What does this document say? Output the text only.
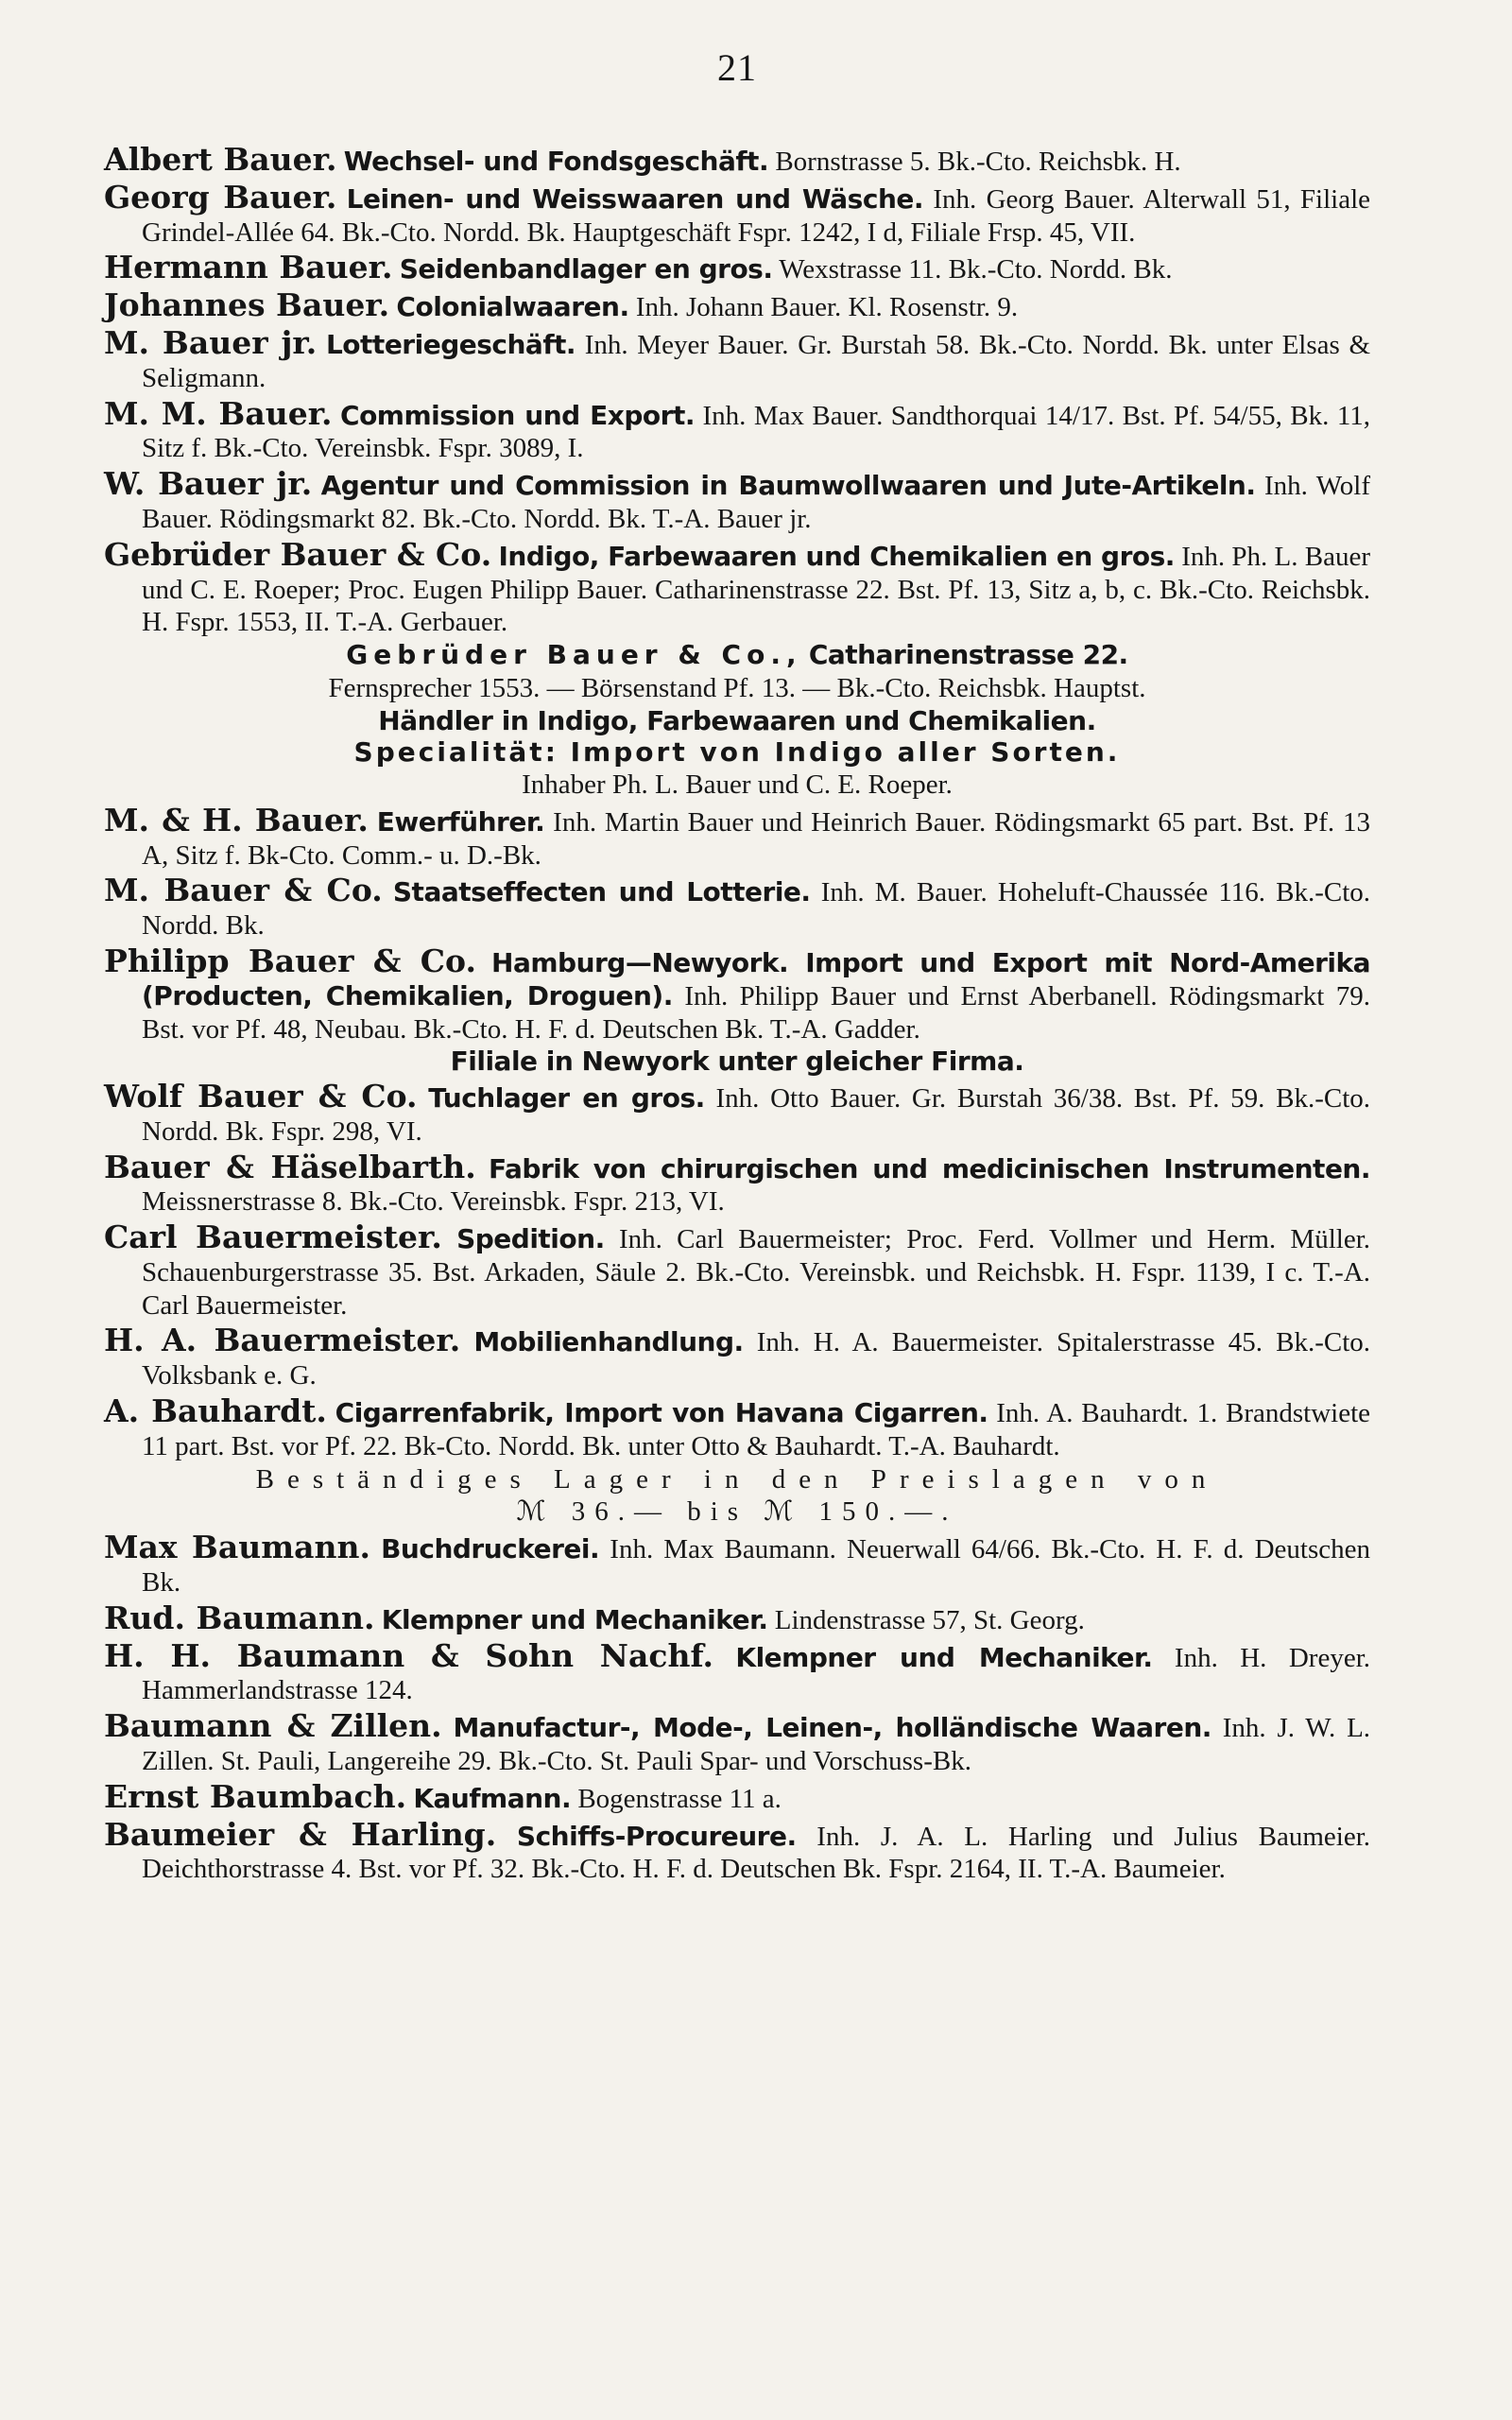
21

Albert Bauer. Wechsel- und Fondsgeschäft. Bornstrasse 5. Bk.-Cto. Reichsbk. H.

Georg Bauer. Leinen- und Weisswaaren und Wäsche. Inh. Georg Bauer. Alterwall 51, Filiale Grindel-Allée 64. Bk.-Cto. Nordd. Bk. Hauptgeschäft Fspr. 1242, I d, Filiale Frsp. 45, VII.

Hermann Bauer. Seidenbandlager en gros. Wexstrasse 11. Bk.-Cto. Nordd. Bk.

Johannes Bauer. Colonialwaaren. Inh. Johann Bauer. Kl. Rosenstr. 9.

M. Bauer jr. Lotteriegeschäft. Inh. Meyer Bauer. Gr. Burstah 58. Bk.-Cto. Nordd. Bk. unter Elsas & Seligmann.

M. M. Bauer. Commission und Export. Inh. Max Bauer. Sandthorquai 14/17. Bst. Pf. 54/55, Bk. 11, Sitz f. Bk.-Cto. Vereinsbk. Fspr. 3089, I.

W. Bauer jr. Agentur und Commission in Baumwollwaaren und Jute-Artikeln. Inh. Wolf Bauer. Rödingsmarkt 82. Bk.-Cto. Nordd. Bk. T.-A. Bauer jr.

Gebrüder Bauer & Co. Indigo, Farbewaaren und Chemikalien en gros. Inh. Ph. L. Bauer und C. E. Roeper; Proc. Eugen Philipp Bauer. Catharinenstrasse 22. Bst. Pf. 13, Sitz a, b, c. Bk.-Cto. Reichsbk. H. Fspr. 1553, II. T.-A. Gerbauer.

Gebrüder Bauer & Co., Catharinenstrasse 22.

Fernsprecher 1553. — Börsenstand Pf. 13. — Bk.-Cto. Reichsbk. Hauptst.

Händler in Indigo, Farbewaaren und Chemikalien.

Specialität: Import von Indigo aller Sorten.

Inhaber Ph. L. Bauer und C. E. Roeper.

M. & H. Bauer. Ewerführer. Inh. Martin Bauer und Heinrich Bauer. Rödingsmarkt 65 part. Bst. Pf. 13 A, Sitz f. Bk-Cto. Comm.- u. D.-Bk.

M. Bauer & Co. Staatseffecten und Lotterie. Inh. M. Bauer. Hoheluft-Chaussée 116. Bk.-Cto. Nordd. Bk.

Philipp Bauer & Co. Hamburg—Newyork. Import und Export mit Nord-Amerika (Producten, Chemikalien, Droguen). Inh. Philipp Bauer und Ernst Aberbanell. Rödingsmarkt 79. Bst. vor Pf. 48, Neubau. Bk.-Cto. H. F. d. Deutschen Bk. T.-A. Gadder.

Filiale in Newyork unter gleicher Firma.

Wolf Bauer & Co. Tuchlager en gros. Inh. Otto Bauer. Gr. Burstah 36/38. Bst. Pf. 59. Bk.-Cto. Nordd. Bk. Fspr. 298, VI.

Bauer & Häselbarth. Fabrik von chirurgischen und medicinischen Instrumenten. Meissnerstrasse 8. Bk.-Cto. Vereinsbk. Fspr. 213, VI.

Carl Bauermeister. Spedition. Inh. Carl Bauermeister; Proc. Ferd. Vollmer und Herm. Müller. Schauenburgerstrasse 35. Bst. Arkaden, Säule 2. Bk.-Cto. Vereinsbk. und Reichsbk. H. Fspr. 1139, I c. T.-A. Carl Bauermeister.

H. A. Bauermeister. Mobilienhandlung. Inh. H. A. Bauermeister. Spitalerstrasse 45. Bk.-Cto. Volksbank e. G.

A. Bauhardt. Cigarrenfabrik, Import von Havana Cigarren. Inh. A. Bauhardt. 1. Brandstwiete 11 part. Bst. vor Pf. 22. Bk-Cto. Nordd. Bk. unter Otto & Bauhardt. T.-A. Bauhardt.

Beständiges Lager in den Preislagen von

ℳ 36.— bis ℳ 150.—.

Max Baumann. Buchdruckerei. Inh. Max Baumann. Neuerwall 64/66. Bk.-Cto. H. F. d. Deutschen Bk.

Rud. Baumann. Klempner und Mechaniker. Lindenstrasse 57, St. Georg.

H. H. Baumann & Sohn Nachf. Klempner und Mechaniker. Inh. H. Dreyer. Hammerlandstrasse 124.

Baumann & Zillen. Manufactur-, Mode-, Leinen-, holländische Waaren. Inh. J. W. L. Zillen. St. Pauli, Langereihe 29. Bk.-Cto. St. Pauli Spar- und Vorschuss-Bk.

Ernst Baumbach. Kaufmann. Bogenstrasse 11 a.

Baumeier & Harling. Schiffs-Procureure. Inh. J. A. L. Harling und Julius Baumeier. Deichthorstrasse 4. Bst. vor Pf. 32. Bk.-Cto. H. F. d. Deutschen Bk. Fspr. 2164, II. T.-A. Baumeier.
